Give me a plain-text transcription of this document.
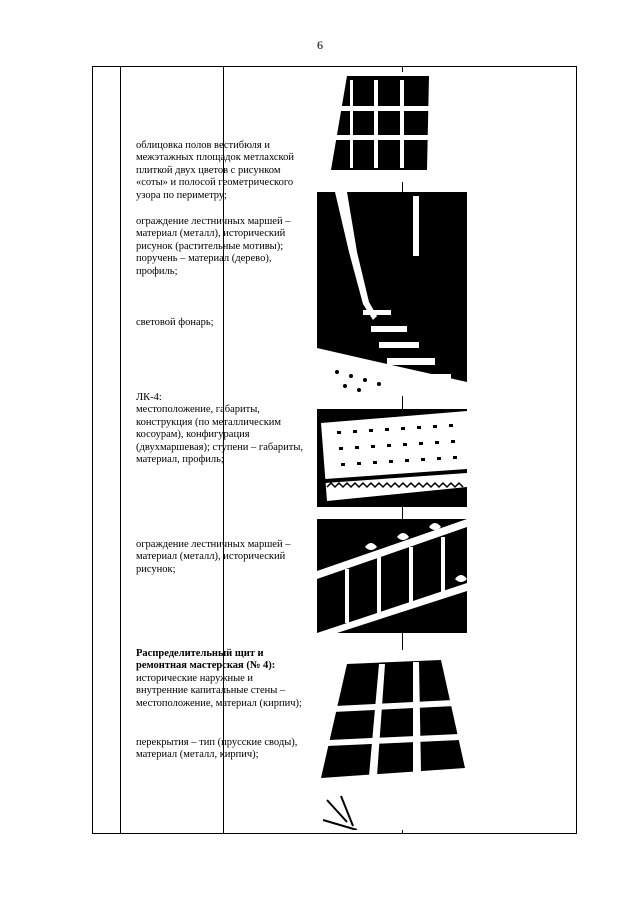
6

облицовка полов вестибюля и межэтажных площадок метлахской плиткой двух цветов с рисунком «соты» и полосой геометрического узора по периметру;

ограждение лестничных маршей – материал (металл), исторический рисунок (растительные мотивы); поручень – материал (дерево), профиль;

световой фонарь;

ЛК-4:

местоположение, габариты, конструкция (по металлическим косоурам), конфигурация (двухмаршевая); ступени – габариты, материал, профиль;

ограждение лестничных маршей – материал (металл), исторический рисунок;

Распределительный щит и ремонтная мастерская (№ 4):

исторические наружные и внутренние капитальные стены – местоположение, материал (кирпич);

перекрытия – тип (прусские своды), материал (металл, кирпич);
